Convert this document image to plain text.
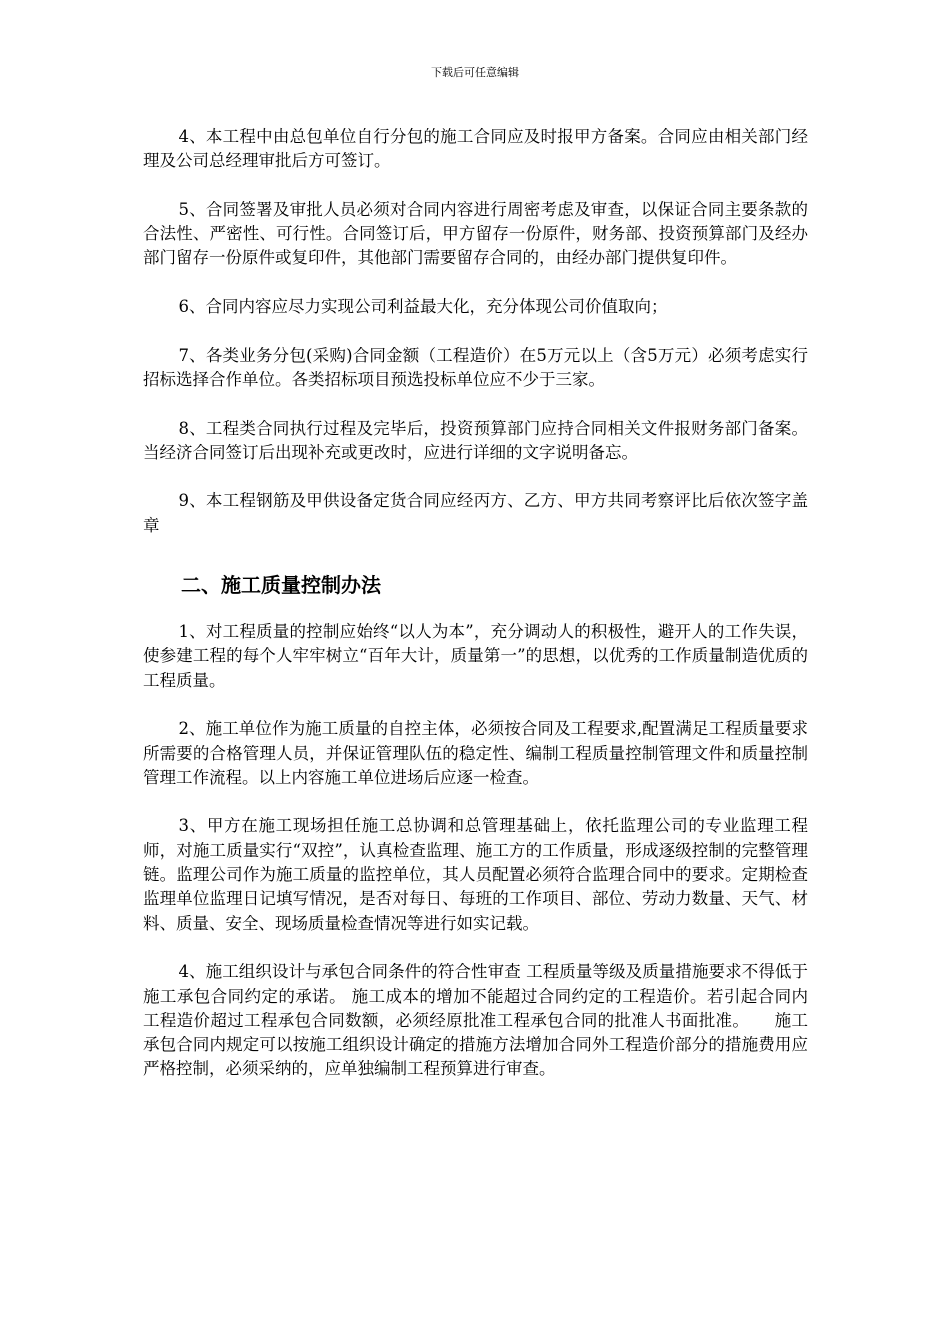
下载后可任意编辑

4、本工程中由总包单位自行分包的施工合同应及时报甲方备案。合同应由相关部门经理及公司总经理审批后方可签订。

5、合同签署及审批人员必须对合同内容进行周密考虑及审查，以保证合同主要条款的合法性、严密性、可行性。合同签订后，甲方留存一份原件，财务部、投资预算部门及经办部门留存一份原件或复印件，其他部门需要留存合同的，由经办部门提供复印件。

6、合同内容应尽力实现公司利益最大化，充分体现公司价值取向；

7、各类业务分包(采购)合同金额（工程造价）在5万元以上（含5万元）必须考虑实行招标选择合作单位。各类招标项目预选投标单位应不少于三家。

8、工程类合同执行过程及完毕后，投资预算部门应持合同相关文件报财务部门备案。当经济合同签订后出现补充或更改时，应进行详细的文字说明备忘。

9、本工程钢筋及甲供设备定货合同应经丙方、乙方、甲方共同考察评比后依次签字盖章

二、施工质量控制办法

1、对工程质量的控制应始终“以人为本”，充分调动人的积极性，避开人的工作失误，使参建工程的每个人牢牢树立“百年大计，质量第一”的思想，以优秀的工作质量制造优质的工程质量。

2、施工单位作为施工质量的自控主体，必须按合同及工程要求,配置满足工程质量要求所需要的合格管理人员，并保证管理队伍的稳定性、编制工程质量控制管理文件和质量控制管理工作流程。以上内容施工单位进场后应逐一检查。

3、甲方在施工现场担任施工总协调和总管理基础上，依托监理公司的专业监理工程师，对施工质量实行“双控”，认真检查监理、施工方的工作质量，形成逐级控制的完整管理链。监理公司作为施工质量的监控单位，其人员配置必须符合监理合同中的要求。定期检查监理单位监理日记填写情况，是否对每日、每班的工作项目、部位、劳动力数量、天气、材料、质量、安全、现场质量检查情况等进行如实记载。

4、施工组织设计与承包合同条件的符合性审查 工程质量等级及质量措施要求不得低于施工承包合同约定的承诺。 施工成本的增加不能超过合同约定的工程造价。若引起合同内工程造价超过工程承包合同数额，必须经原批准工程承包合同的批准人书面批准。　　施工承包合同内规定可以按施工组织设计确定的措施方法增加合同外工程造价部分的措施费用应严格控制，必须采纳的，应单独编制工程预算进行审查。
